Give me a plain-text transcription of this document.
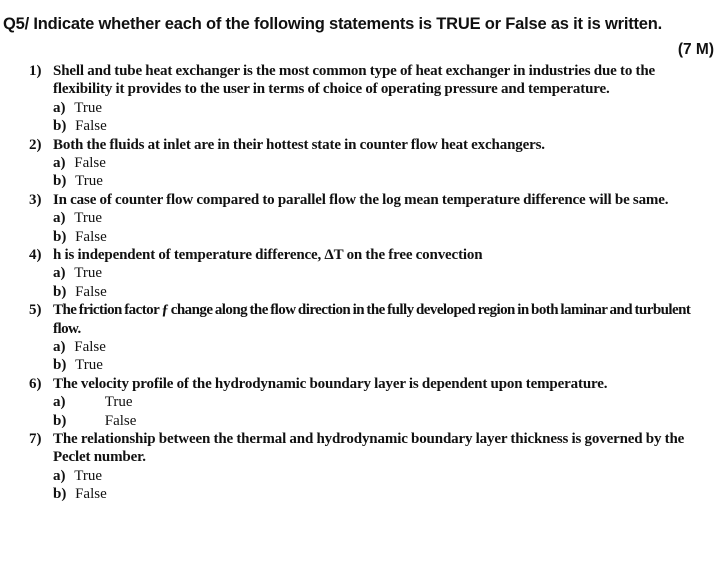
Q5/ Indicate whether each of the following statements is TRUE or False as it is written.
(7 M)
1) Shell and tube heat exchanger is the most common type of heat exchanger in industries due to the flexibility it provides to the user in terms of choice of operating pressure and temperature.
a) True
b) False
2) Both the fluids at inlet are in their hottest state in counter flow heat exchangers.
a) False
b) True
3) In case of counter flow compared to parallel flow the log mean temperature difference will be same.
a) True
b) False
4) h is independent of temperature difference, ΔT on the free convection
a) True
b) False
5) The friction factor ƒ change along the flow direction in the fully developed region in both laminar and turbulent flow.
a) False
b) True
6) The velocity profile of the hydrodynamic boundary layer is dependent upon temperature.
a)	True
b)	False
7) The relationship between the thermal and hydrodynamic boundary layer thickness is governed by the Peclet number.
a) True
b) False
